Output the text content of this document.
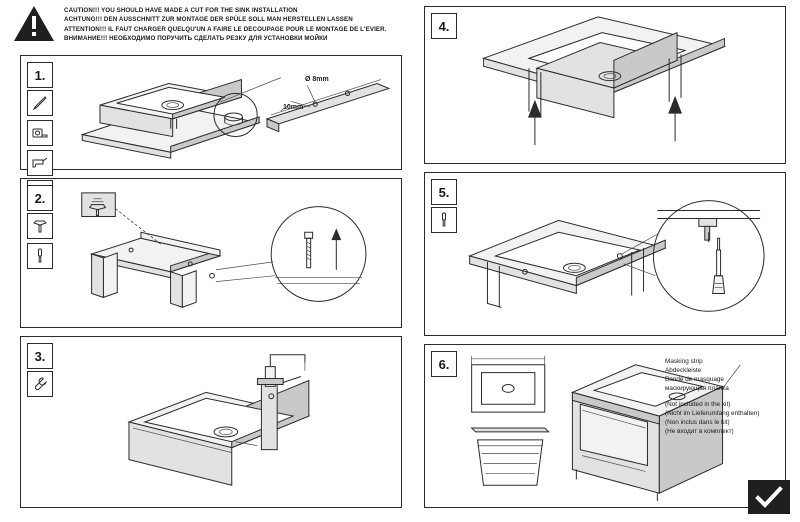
CAUTION!!! YOU SHOULD HAVE MADE A CUT FOR THE SINK INSTALLATION
ACHTUNG!!! DEN AUSSCHNITT ZUR MONTAGE DER SPÜLE SOLL MAN HERSTELLEN LASSEN
ATTENTION!!! IL FAUT CHARGER QUELQU'UN A FAIRE LE DECOUPAGE POUR LE MONTAGE DE L'EVIER.
ВНИМАНИЕ!!! НЕОБХОДИМО ПОРУЧИТЬ СДЕЛАТЬ РЕЗКУ ДЛЯ УСТАНОВКИ МОЙКИ
1.	Ø 8mm
10mm
2.
3.
4.
5.
6.	Masking strip
Abdeckleiste
Bande de masquage
маскирующая планка
(Not included in the kit)
(Nicht im Lieferumfang enthalten)
(Non inclus dans le kit)
(Не входит в комплект)
